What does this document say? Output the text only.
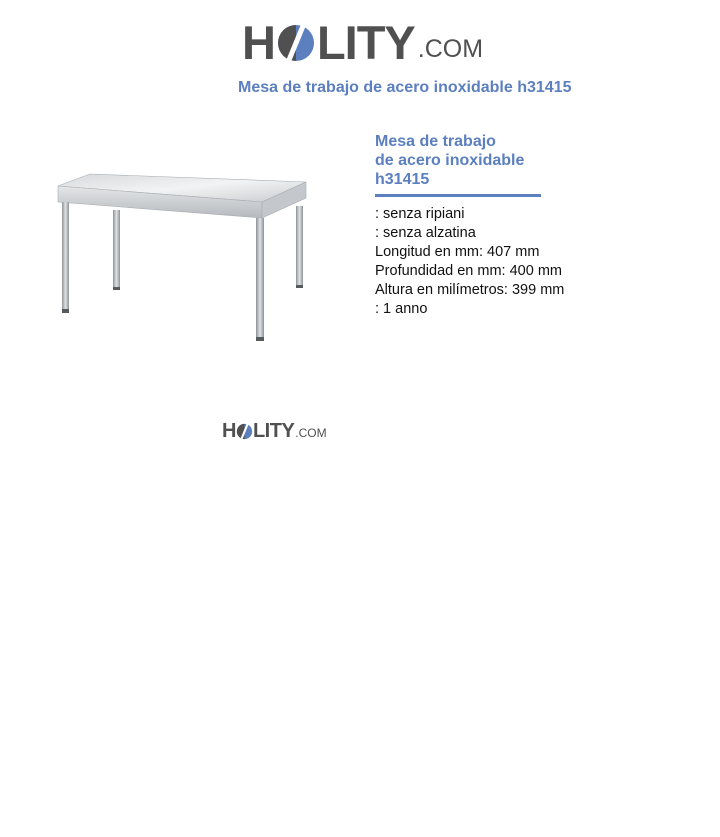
H LITY .COM
Mesa de trabajo de acero inoxidable h31415
Mesa de trabajo
de acero inoxidable
h31415
: senza ripiani
: senza alzatina
Longitud en mm: 407 mm
Profundidad en mm: 400 mm
Altura en milímetros: 399 mm
: 1 anno
H LITY .COM
